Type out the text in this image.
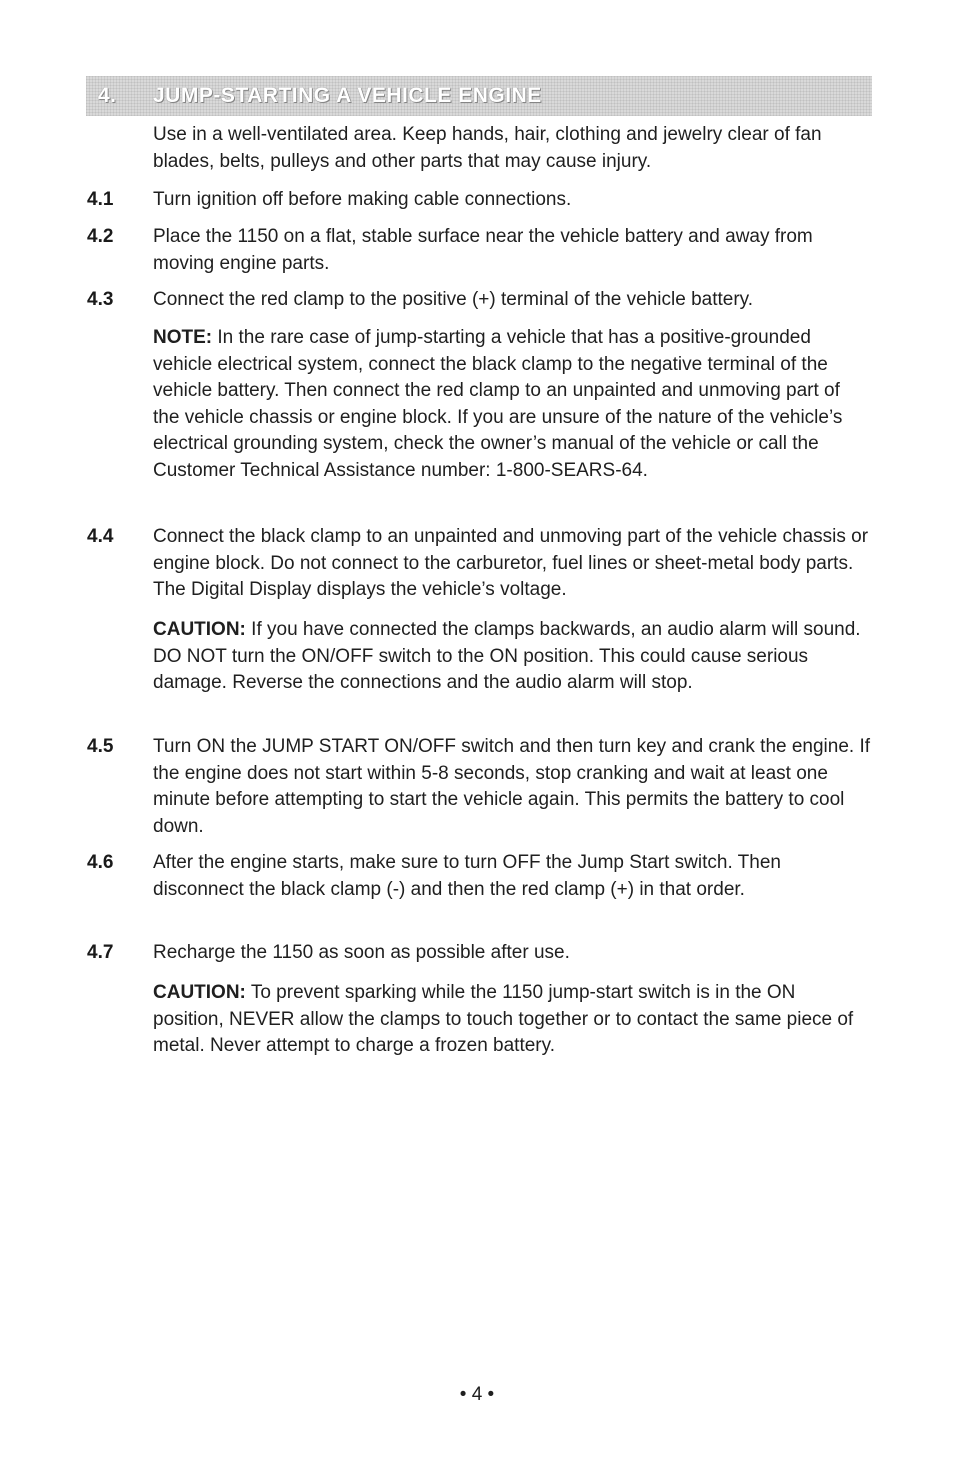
4. JUMP-STARTING A VEHICLE ENGINE
Use in a well-ventilated area. Keep hands, hair, clothing and jewelry clear of fan blades, belts, pulleys and other parts that may cause injury.
4.1 Turn ignition off before making cable connections.
4.2 Place the 1150 on a flat, stable surface near the vehicle battery and away from moving engine parts.
4.3 Connect the red clamp to the positive (+) terminal of the vehicle battery.
NOTE: In the rare case of jump-starting a vehicle that has a positive-grounded vehicle electrical system, connect the black clamp to the negative terminal of the vehicle battery. Then connect the red clamp to an unpainted and unmoving part of the vehicle chassis or engine block. If you are unsure of the nature of the vehicle’s electrical grounding system, check the owner’s manual of the vehicle or call the Customer Technical Assistance number: 1-800-SEARS-64.
4.4 Connect the black clamp to an unpainted and unmoving part of the vehicle chassis or engine block. Do not connect to the carburetor, fuel lines or sheet-metal body parts. The Digital Display displays the vehicle’s voltage.
CAUTION: If you have connected the clamps backwards, an audio alarm will sound. DO NOT turn the ON/OFF switch to the ON position. This could cause serious damage. Reverse the connections and the audio alarm will stop.
4.5 Turn ON the JUMP START ON/OFF switch and then turn key and crank the engine. If the engine does not start within 5-8 seconds, stop cranking and wait at least one minute before attempting to start the vehicle again. This permits the battery to cool down.
4.6 After the engine starts, make sure to turn OFF the Jump Start switch. Then disconnect the black clamp (-) and then the red clamp (+) in that order.
4.7 Recharge the 1150 as soon as possible after use.
CAUTION: To prevent sparking while the 1150 jump-start switch is in the ON position, NEVER allow the clamps to touch together or to contact the same piece of metal. Never attempt to charge a frozen battery.
• 4 •
